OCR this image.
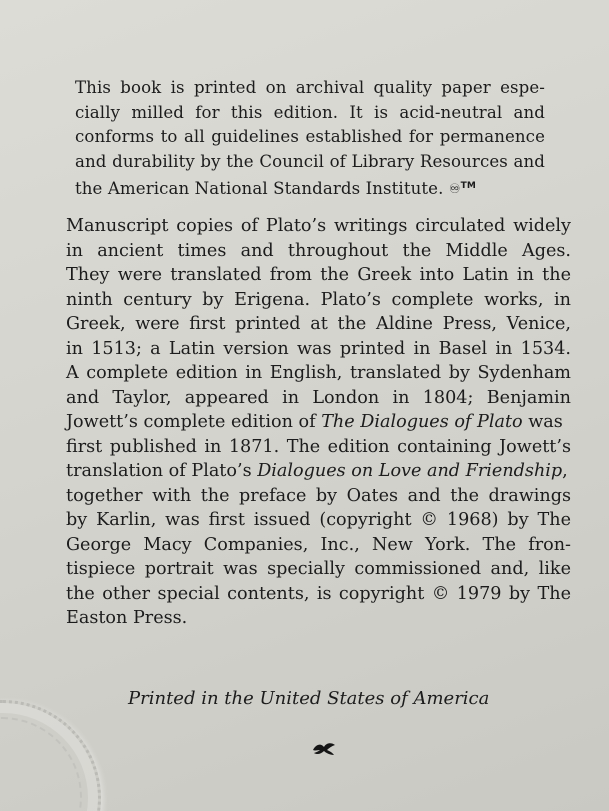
This book is printed on archival quality paper espe-
cially milled for this edition. It is acid-neutral and
conforms to all guidelines established for permanence
and durability by the Council of Library Resources and
the American National Standards Institute. ♾™
Manuscript copies of Plato’s writings circulated widely
in ancient times and throughout the Middle Ages.
They were translated from the Greek into Latin in the
ninth century by Erigena. Plato’s complete works, in
Greek, were first printed at the Aldine Press, Venice,
in 1513; a Latin version was printed in Basel in 1534.
A complete edition in English, translated by Sydenham
and Taylor, appeared in London in 1804; Benjamin
Jowett’s complete edition of The Dialogues of Plato was
first published in 1871. The edition containing Jowett’s
translation of Plato’s Dialogues on Love and Friendship,
together with the preface by Oates and the drawings
by Karlin, was first issued (copyright © 1968) by The
George Macy Companies, Inc., New York. The fron-
tispiece portrait was specially commissioned and, like
the other special contents, is copyright © 1979 by The
Easton Press.
Printed in the United States of America
